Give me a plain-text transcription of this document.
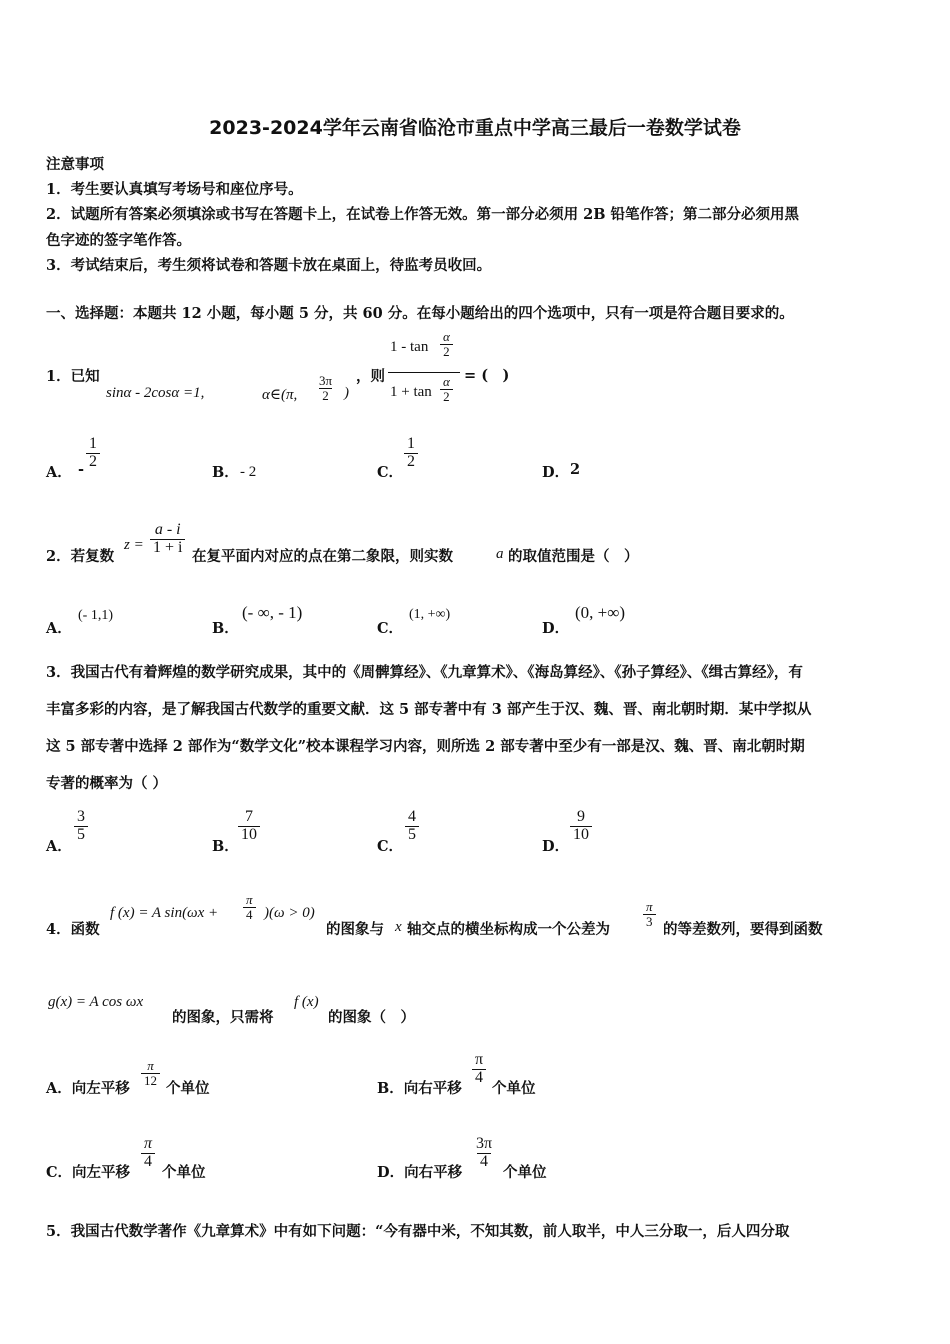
2023-2024学年云南省临沧市重点中学高三最后一卷数学试卷
注意事项
1．考生要认真填写考场号和座位序号。
2．试题所有答案必须填涂或书写在答题卡上，在试卷上作答无效。第一部分必须用 2B 铅笔作答；第二部分必须用黑
色字迹的签字笔作答。
3．考试结束后，考生须将试卷和答题卡放在桌面上，待监考员收回。
一、选择题：本题共 12 小题，每小题 5 分，共 60 分。在每小题给出的四个选项中，只有一项是符合题目要求的。
1．已知
sinα - 2cosα =1,	α∈(π, $\frac{3\pi}{2}$ )
，则
$1 - \tan \frac{\alpha}{2}$
$1 + \tan \frac{\alpha}{2}$ = (　)
A． - $\frac{1}{2}$
B． - 2	C．
$\frac{1}{2}$
D． 2
2．若复数
$z = \frac{a - i}{1 + i}$ 在复平面内对应的点在第二象限，则实数	a 的取值范围是（　）
A．
(- 1,1)
B．
(- ∞, - 1)
C．
(1, +∞)
D．
(0, +∞)
3．我国古代有着辉煌的数学研究成果，其中的《周髀算经》、《九章算术》、《海岛算经》、《孙子算经》、《缉古算经》，有
丰富多彩的内容，是了解我国古代数学的重要文献．这 5 部专著中有 3 部产生于汉、魏、晋、南北朝时期．某中学拟从
这 5 部专著中选择 2 部作为“数学文化”校本课程学习内容，则所选 2 部专著中至少有一部是汉、魏、晋、南北朝时期
专著的概率为（ ）
A．
$\frac{3}{5}$
B．
$\frac{7}{10}$
C．
$\frac{4}{5}$
D．
$\frac{9}{10}$
4．函数
f (x) = A $\sin(\omega x + \frac{\pi}{4} )(\omega > 0)$
的图象与 x 轴交点的横坐标构成一个公差为
$\frac{\pi}{3}$
的等差数列，要得到函数
g(x) = A cos ωx
的图象，只需将
f (x)
的图象（　）
A．向左平移
$\frac{\pi}{12}$
个单位	B．向右平移
$\frac{\pi}{4}$
个单位
C．向左平移
$\frac{\pi}{4}$
个单位	D．向右平移
$\frac{3\pi}{4}$
个单位
5．我国古代数学著作《九章算术》中有如下问题：“今有器中米，不知其数，前人取半，中人三分取一，后人四分取
